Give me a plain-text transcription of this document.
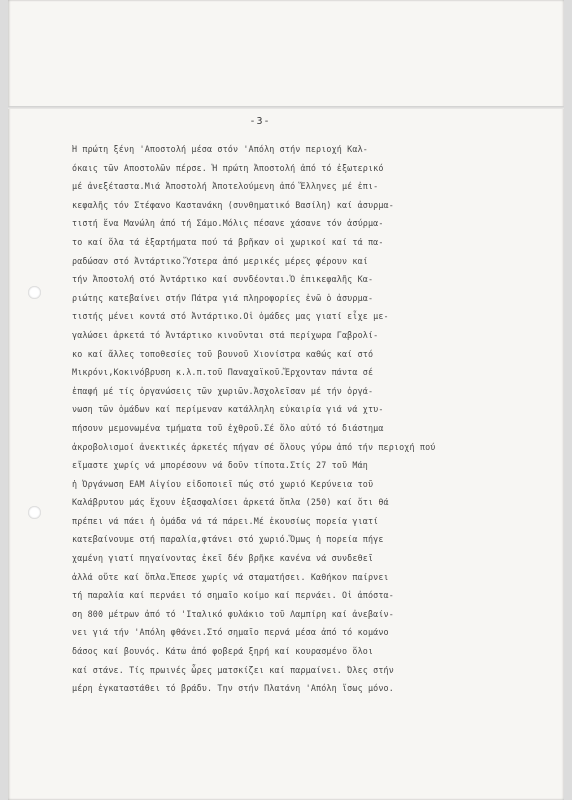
-3-
Ή πρώτη ξένη 'Αποστολή μέσα στόν 'Απόλη στήν περιοχή Καλ-
όκαις τῶν Αποστολῶν πέρσε. Ἡ πρώτη Ἀποστολή ἀπό τό ἐξωτερικό
μέ ἀνεξέταστα.Μιά Ἀποστολή Ἀποτελούμενη ἀπό Ἕλληνες μέ ἐπι-
κεφαλῆς τόν Στέφανο Καστανάκη (συνθηματικό Βασίλη) καί ἀσυρμα-
τιστή ἕνα Μανώλη ἀπό τή Σάμο.Μόλις πέσανε χάσανε τόν ἀσύρμα-
το καί ὅλα τά ἐξαρτήματα πού τά βρῆκαν οἱ χωρικοί καί τά πα-
ραδώσαν στό Ἀντάρτικο.Ὕστερα ἀπό μερικές μέρες φέρουν καί
τήν Ἀποστολή στό Ἀντάρτικο καί συνδέονται.Ὁ ἐπικεφαλῆς Κα-
ριώτης κατεβαίνει στήν Πάτρα γιά πληροφορίες ἐνῶ ὁ ἀσυρμα-
τιστής μένει κοντά στό Ἀντάρτικο.Οἱ ὁμάδες μας γιατί εἶχε με-
γαλώσει ἀρκετά τό Ἀντάρτικο κινοῦνται στά περίχωρα Γαβρολί-
κο καί ἄλλες τοποθεσίες τοῦ βουνοῦ Χιονίστρα καθώς καί στό
Μικρόνι,Κοκινόβρυση κ.λ.π.τοῦ Παναχαϊκοῦ.Ἔρχονταν πάντα σέ
ἐπαφή μέ τίς ὀργανώσεις τῶν χωριῶν.Ἀσχολεῖσαν μέ τήν ὀργά-
νωση τῶν ὁμάδων καί περίμεναν κατάλληλη εὐκαιρία γιά νά χτυ-
πήσουν μεμονωμένα τμήματα τοῦ ἐχθροῦ.Σέ ὅλο αὐτό τό διάστημα
ἀκροβολισμοί ἀνεκτικές ἀρκετές πήγαν σέ ὅλους γύρω ἀπό τήν περιοχή πού
εἴμαστε χωρίς νά μπορέσουν νά δοῦν τίποτα.Στίς 27 τοῦ Μάη
ἡ Ὀργάνωση ΕΑΜ Αἰγίου εἰδοποιεῖ πώς στό χωριό Κερύνεια τοῦ
Καλάβρυτου μάς ἔχουν ἐξασφαλίσει ἀρκετά ὅπλα (250) καί ὅτι θά
πρέπει νά πάει ἡ ὁμάδα νά τά πάρει.Μέ ἐκουσίως πορεία γιατί
κατεβαίνουμε στή παραλία,φτάνει στό χωριό.Ὅμως ἡ πορεία πήγε
χαμένη γιατί πηγαίνοντας ἐκεῖ δέν βρῆκε κανένα νά συνδεθεῖ
ἀλλά οὔτε καί ὅπλα.Ἐπεσε χωρίς νά σταματήσει. Καθήκον παίρνει
τή παραλία καί περνάει τό σημαῖο κοίμο καί περνάει. Οἱ ἀπόστα-
ση 800 μέτρων ἀπό τό 'Ιταλικό φυλάκιο τοῦ Λαμπίρη καί ἀνεβαίν-
νει γιά τήν 'Απόλη φθάνει.Στό σημαῖο περνά μέσα ἀπό τό κομάνο
δάσος καί βουνός. Κάτω ἀπό φοβερά ξηρή καί κουρασμένο ὅλοι
καί στάνε. Τίς πρωινές ὧρες ματσκίζει καί παρμαίνει. Όλες στήν
μέρη ἐγκαταστάθει τό βράδυ. Την στήν Πλατάνη 'Απόλη ἴσως μόνο.
